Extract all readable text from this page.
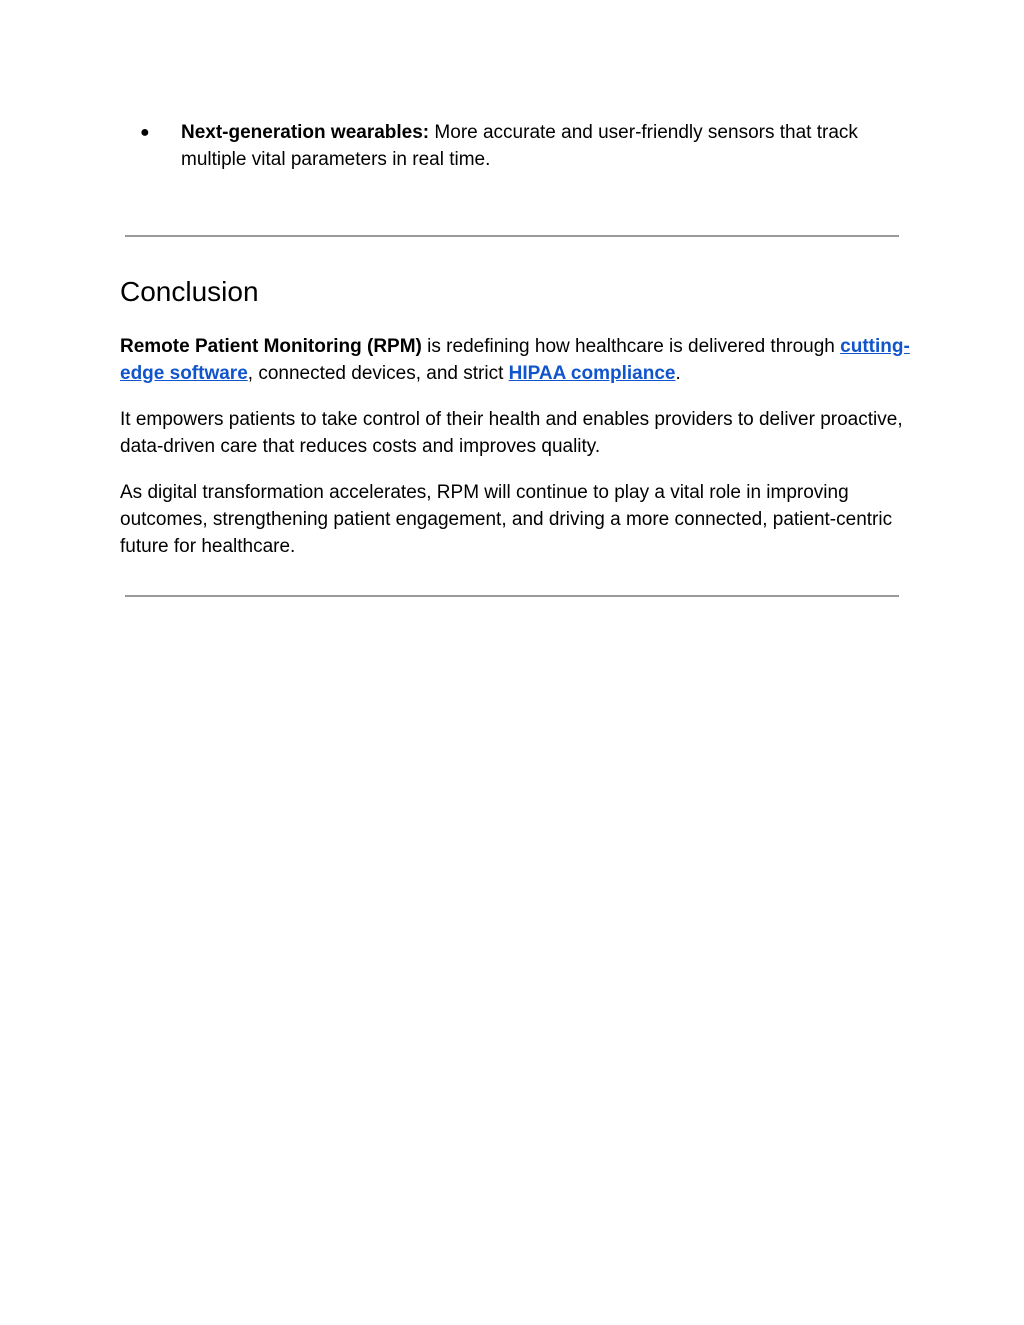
●	Next-generation wearables: More accurate and user-friendly sensors that track multiple vital parameters in real time.
Conclusion

Remote Patient Monitoring (RPM) is redefining how healthcare is delivered through cutting-edge software, connected devices, and strict HIPAA compliance.

It empowers patients to take control of their health and enables providers to deliver proactive, data-driven care that reduces costs and improves quality.

As digital transformation accelerates, RPM will continue to play a vital role in improving outcomes, strengthening patient engagement, and driving a more connected, patient-centric future for healthcare.
